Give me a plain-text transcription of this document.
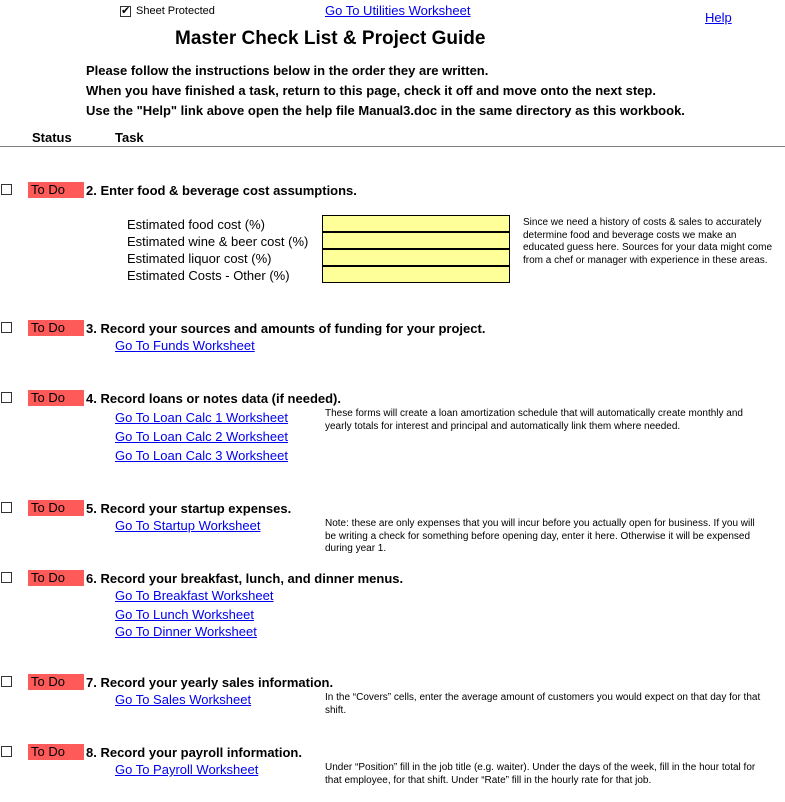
✔
Sheet Protected	Go To Utilities Worksheet	Help
Master Check List & Project Guide
Please follow the instructions below in the order they are written.
When you have finished a task, return to this page, check it off and move onto the next step.
Use the "Help" link above open the help file Manual3.doc in the same directory as this workbook.
Status	Task
To Do	2. Enter food & beverage cost assumptions.
Estimated food cost (%)
Estimated wine & beer cost (%)
Estimated liquor cost (%)
Estimated Costs - Other (%)
Since we need a history of costs & sales to accurately determine food and beverage costs we make an educated guess here. Sources for your data might come from a chef or manager with experience in these areas.
To Do	3. Record your sources and amounts of funding for your project.
Go To Funds Worksheet
To Do	4. Record loans or notes data (if needed).
Go To Loan Calc 1 Worksheet
Go To Loan Calc 2 Worksheet
Go To Loan Calc 3 Worksheet
These forms will create a loan amortization schedule that will automatically create monthly and yearly totals for interest and principal and automatically link them where needed.
To Do	5. Record your startup expenses.
Go To Startup Worksheet	Note: these are only expenses that you will incur before you actually open for business. If you will be writing a check for something before opening day, enter it here. Otherwise it will be expensed during year 1.
To Do	6. Record your breakfast, lunch, and dinner menus.
Go To Breakfast Worksheet
Go To Lunch Worksheet
Go To Dinner Worksheet
To Do	7. Record your yearly sales information.
Go To Sales Worksheet	In the “Covers” cells, enter the average amount of customers you would expect on that day for that shift.
To Do	8. Record your payroll information.
Go To Payroll Worksheet	Under “Position” fill in the job title (e.g. waiter). Under the days of the week, fill in the hour total for that employee, for that shift. Under “Rate” fill in the hourly rate for that job.
